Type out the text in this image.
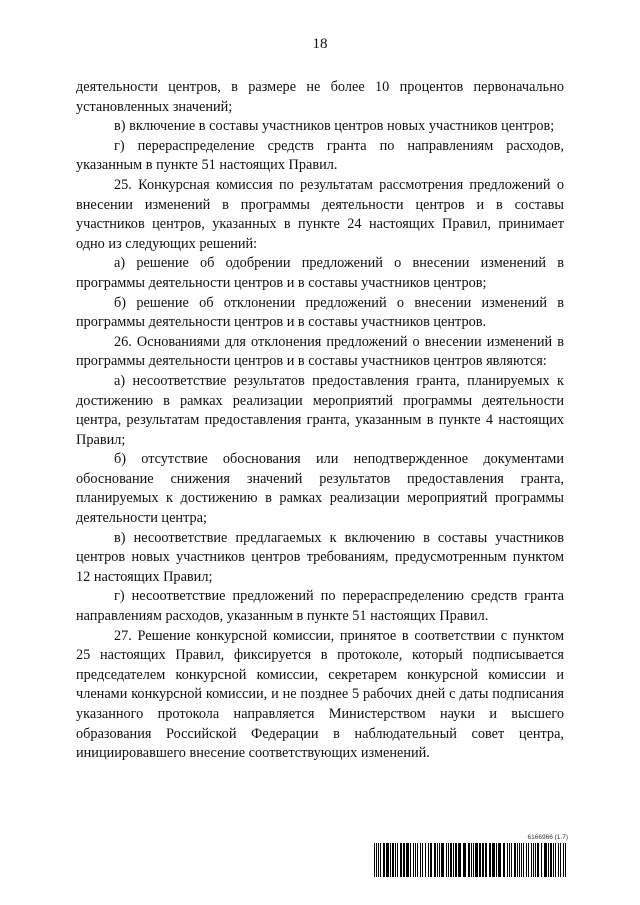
18

деятельности центров, в размере не более 10 процентов первоначально установленных значений;

в) включение в составы участников центров новых участников центров;

г) перераспределение средств гранта по направлениям расходов, указанным в пункте 51 настоящих Правил.

25. Конкурсная комиссия по результатам рассмотрения предложений о внесении изменений в программы деятельности центров и в составы участников центров, указанных в пункте 24 настоящих Правил, принимает одно из следующих решений:

а) решение об одобрении предложений о внесении изменений в программы деятельности центров и в составы участников центров;

б) решение об отклонении предложений о внесении изменений в программы деятельности центров и в составы участников центров.

26. Основаниями для отклонения предложений о внесении изменений в программы деятельности центров и в составы участников центров являются:

а) несоответствие результатов предоставления гранта, планируемых к достижению в рамках реализации мероприятий программы деятельности центра, результатам предоставления гранта, указанным в пункте 4 настоящих Правил;

б) отсутствие обоснования или неподтвержденное документами обоснование снижения значений результатов предоставления гранта, планируемых к достижению в рамках реализации мероприятий программы деятельности центра;

в) несоответствие предлагаемых к включению в составы участников центров новых участников центров требованиям, предусмотренным пунктом 12 настоящих Правил;

г) несоответствие предложений по перераспределению средств гранта направлениям расходов, указанным в пункте 51 настоящих Правил.

27. Решение конкурсной комиссии, принятое в соответствии с пунктом 25 настоящих Правил, фиксируется в протоколе, который подписывается председателем конкурсной комиссии, секретарем конкурсной комиссии и членами конкурсной комиссии, и не позднее 5 рабочих дней с даты подписания указанного протокола направляется Министерством науки и высшего образования Российской Федерации в наблюдательный совет центра, инициировавшего внесение соответствующих изменений.

6166966 (1.7)
